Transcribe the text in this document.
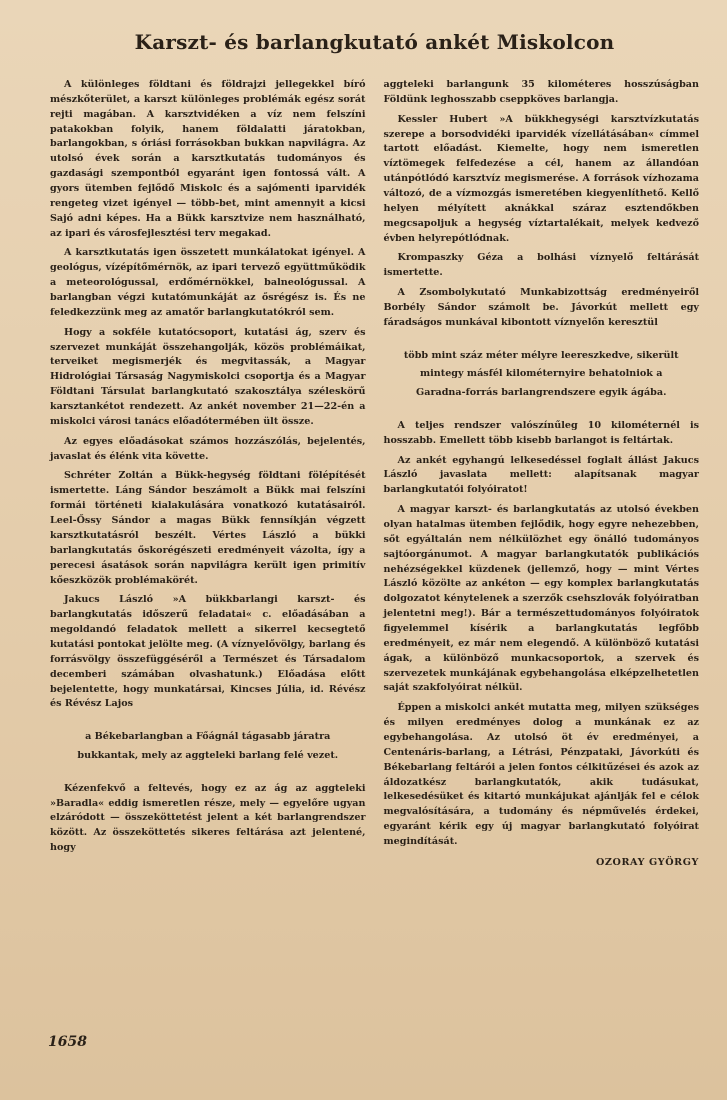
Karszt- és barlangkutató ankét Miskolcon

A különleges földtani és földrajzi jellegekkel bíró mészkőterület, a karszt különleges problémák egész sorát rejti magában. A karsztvidéken a víz nem felszíni patakokban folyik, hanem földalatti járatokban, barlangokban, s óriási forrásokban bukkan napvilágra. Az utolsó évek során a karsztkutatás tudományos és gazdasági szempontból egyaránt igen fontossá vált. A gyors ütemben fejlődő Miskolc és a sajómenti iparvidék rengeteg vizet igényel — több-bet, mint amennyit a kicsi Sajó adni képes. Ha a Bükk karsztvize nem használható, az ipari és városfejlesztési terv megakad.

A karsztkutatás igen összetett munkálatokat igényel. A geológus, vízépítőmérnök, az ipari tervező együttműködik a meteorológussal, erdőmérnökkel, balneológussal. A barlangban végzi kutatómunkáját az ősrégész is. És ne feledkezzünk meg az amatőr barlangkutatókról sem.

Hogy a sokféle kutatócsoport, kutatási ág, szerv és szervezet munkáját összehangolják, közös problémáikat, terveiket megismerjék és megvitassák, a Magyar Hidrológiai Társaság Nagymiskolci csoportja és a Magyar Földtani Társulat barlangkutató szakosztálya széleskörű karsztankétot rendezett. Az ankét november 21—22-én a miskolci városi tanács előadótermében ült össze.

Az egyes előadásokat számos hozzászólás, bejelentés, javaslat és élénk vita követte.

Schréter Zoltán a Bükk-hegység földtani fölépítését ismertette. Láng Sándor beszámolt a Bükk mai felszíni formái történeti kialakulására vonatkozó kutatásairól. Leel-Őssy Sándor a magas Bükk fennsíkján végzett karsztkutatásról beszélt. Vértes László a bükki barlangkutatás őskorégészeti eredményeit vázolta, így a perecesi ásatások során napvilágra került igen primitív kőeszközök problémakörét.

Jakucs László »A bükkbarlangi karszt- és barlangkutatás időszerű feladatai« c. előadásában a megoldandó feladatok mellett a sikerrel kecsegtető kutatási pontokat jelölte meg. (A víznyelővölgy, barlang és forrásvölgy összefüggéséről a Természet és Társadalom decemberi számában olvashatunk.) Előadása előtt bejelentette, hogy munkatársai, Kincses Júlia, id. Révész és Révész Lajos

a Békebarlangban a Főágnál tágasabb járatra bukkantak, mely az aggteleki barlang felé vezet.

Kézenfekvő a feltevés, hogy ez az ág az aggteleki »Baradla« eddig ismeretlen része, mely — egyelőre ugyan elzáródott — összeköttetést jelent a két barlangrendszer között. Az összeköttetés sikeres feltárása azt jelentené, hogy

aggteleki barlangunk 35 kilométeres hosszúságban Földünk leghosszabb cseppköves barlangja.

Kessler Hubert »A bükkhegységi karsztvízkutatás szerepe a borsodvidéki iparvidék vízellátásában« címmel tartott előadást. Kiemelte, hogy nem ismeretlen víztömegek felfedezése a cél, hanem az állandóan utánpótlódó karsztvíz megismerése. A források vízhozama változó, de a vízmozgás ismeretében kiegyenlíthető. Kellő helyen mélyített aknákkal száraz esztendőkben megcsapoljuk a hegység víztartalékait, melyek kedvező évben helyrepótlódnak.

Krompaszky Géza a bolhási víznyelő feltárását ismertette.

A Zsombolykutató Munkabizottság eredményeiről Borbély Sándor számolt be. Jávorkút mellett egy fáradságos munkával kibontott víznyelőn keresztül

több mint száz méter mélyre leereszkedve, sikerült mintegy másfél kilométernyire behatolniok a Garadna-forrás barlangrendszere egyik ágába.

A teljes rendszer valószínűleg 10 kilométernél is hosszabb. Emellett több kisebb barlangot is feltártak.

Az ankét egyhangú lelkesedéssel foglalt állást Jakucs László javaslata mellett: alapítsanak magyar barlangkutatói folyóiratot!

A magyar karszt- és barlangkutatás az utolsó években olyan hatalmas ütemben fejlődik, hogy egyre nehezebben, sőt egyáltalán nem nélkülözhet egy önálló tudományos sajtóorgánumot. A magyar barlangkutatók publikációs nehézségekkel küzdenek (jellemző, hogy — mint Vértes László közölte az ankéton — egy komplex barlangkutatás dolgozatot kénytelenek a szerzők csehszlovák folyóiratban jelentetni meg!). Bár a természettudományos folyóiratok figyelemmel kísérik a barlangkutatás legfőbb eredményeit, ez már nem elegendő. A különböző kutatási ágak, a különböző munkacsoportok, a szervek és szervezetek munkájának egybehangolása elképzelhetetlen saját szakfolyóirat nélkül.

Éppen a miskolci ankét mutatta meg, milyen szükséges és milyen eredményes dolog a munkának ez az egybehangolása. Az utolsó öt év eredményei, a Centenáris-barlang, a Létrási, Pénzpataki, Jávorkúti és Békebarlang feltárói a jelen fontos célkitűzései és azok az áldozatkész barlangkutatók, akik tudásukat, lelkesedésüket és kitartó munkájukat ajánlják fel e célok megvalósítására, a tudomány és népművelés érdekei, egyaránt kérik egy új magyar barlangkutató folyóirat megindítását.

OZORAY GYÖRGY
1658
